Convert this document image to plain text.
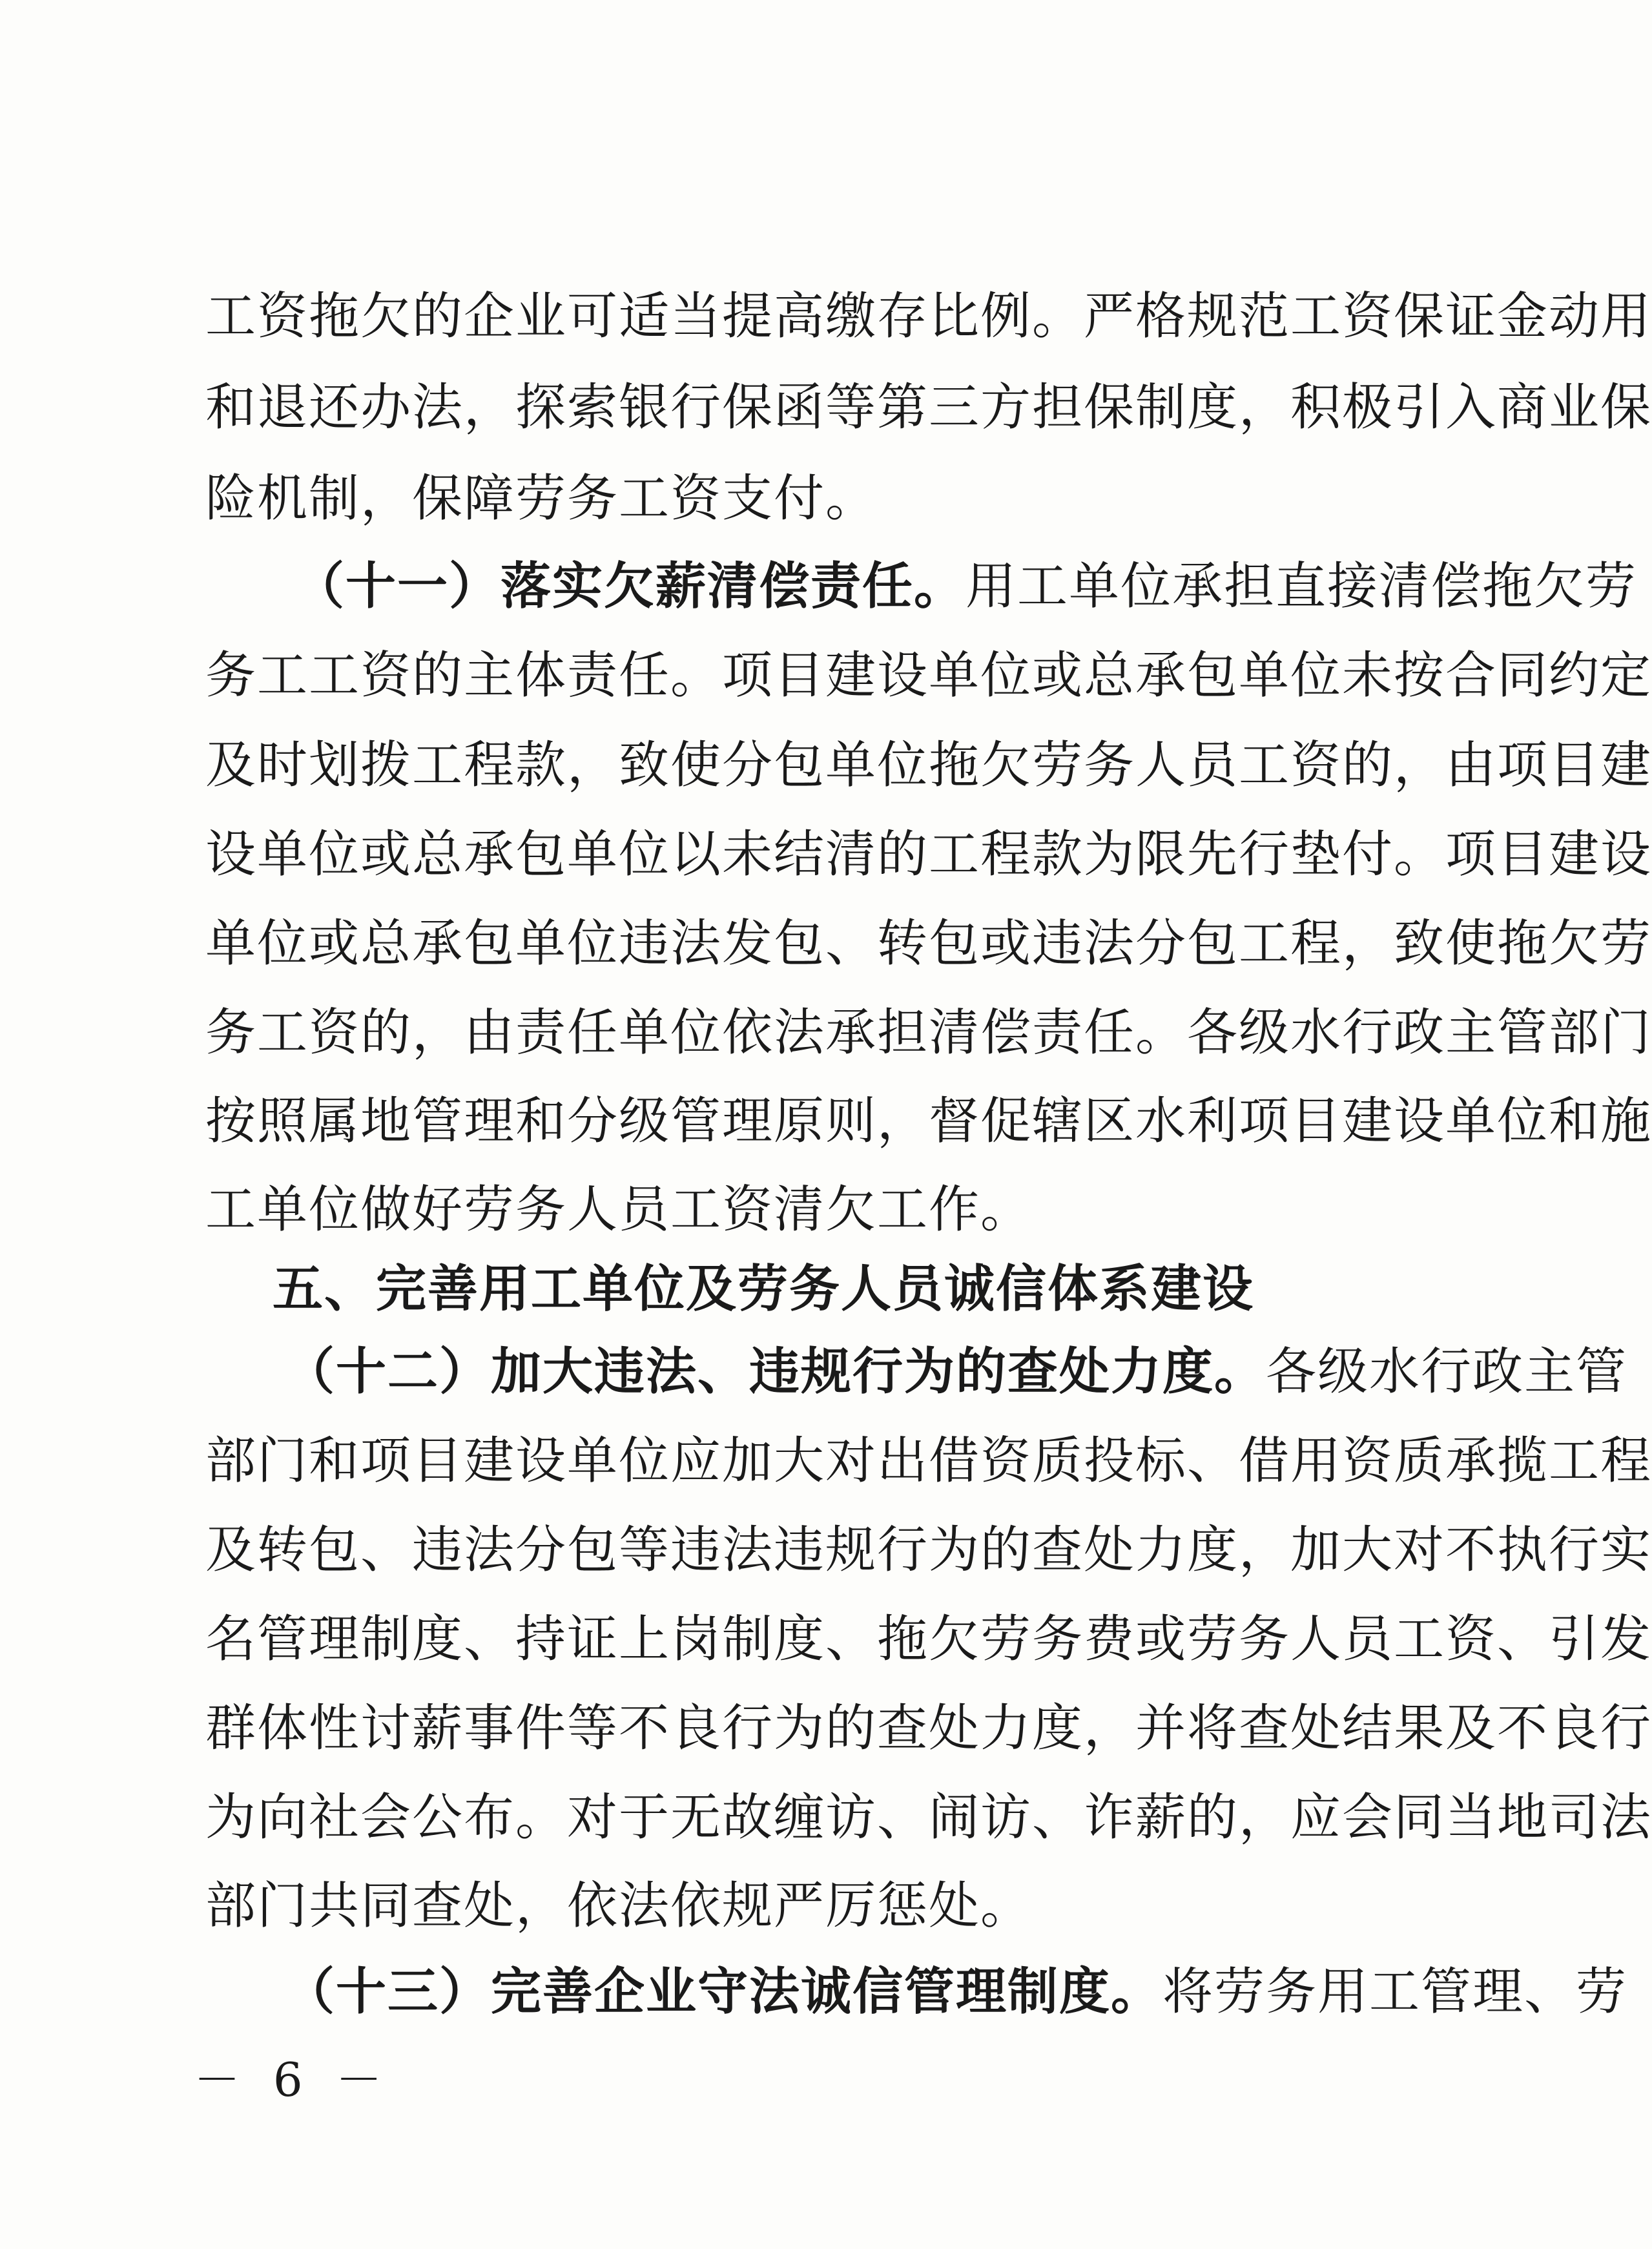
工资拖欠的企业可适当提高缴存比例。严格规范工资保证金动用
和退还办法，探索银行保函等第三方担保制度，积极引入商业保
险机制，保障劳务工资支付。
（十一）落实欠薪清偿责任。用工单位承担直接清偿拖欠劳
务工工资的主体责任。项目建设单位或总承包单位未按合同约定
及时划拨工程款，致使分包单位拖欠劳务人员工资的，由项目建
设单位或总承包单位以未结清的工程款为限先行垫付。项目建设
单位或总承包单位违法发包、转包或违法分包工程，致使拖欠劳
务工资的，由责任单位依法承担清偿责任。各级水行政主管部门
按照属地管理和分级管理原则，督促辖区水利项目建设单位和施
工单位做好劳务人员工资清欠工作。
五、完善用工单位及劳务人员诚信体系建设
（十二）加大违法、违规行为的查处力度。各级水行政主管
部门和项目建设单位应加大对出借资质投标、借用资质承揽工程
及转包、违法分包等违法违规行为的查处力度，加大对不执行实
名管理制度、持证上岗制度、拖欠劳务费或劳务人员工资、引发
群体性讨薪事件等不良行为的查处力度，并将查处结果及不良行
为向社会公布。对于无故缠访、闹访、诈薪的，应会同当地司法
部门共同查处，依法依规严厉惩处。
（十三）完善企业守法诚信管理制度。将劳务用工管理、劳
－ 6 －
